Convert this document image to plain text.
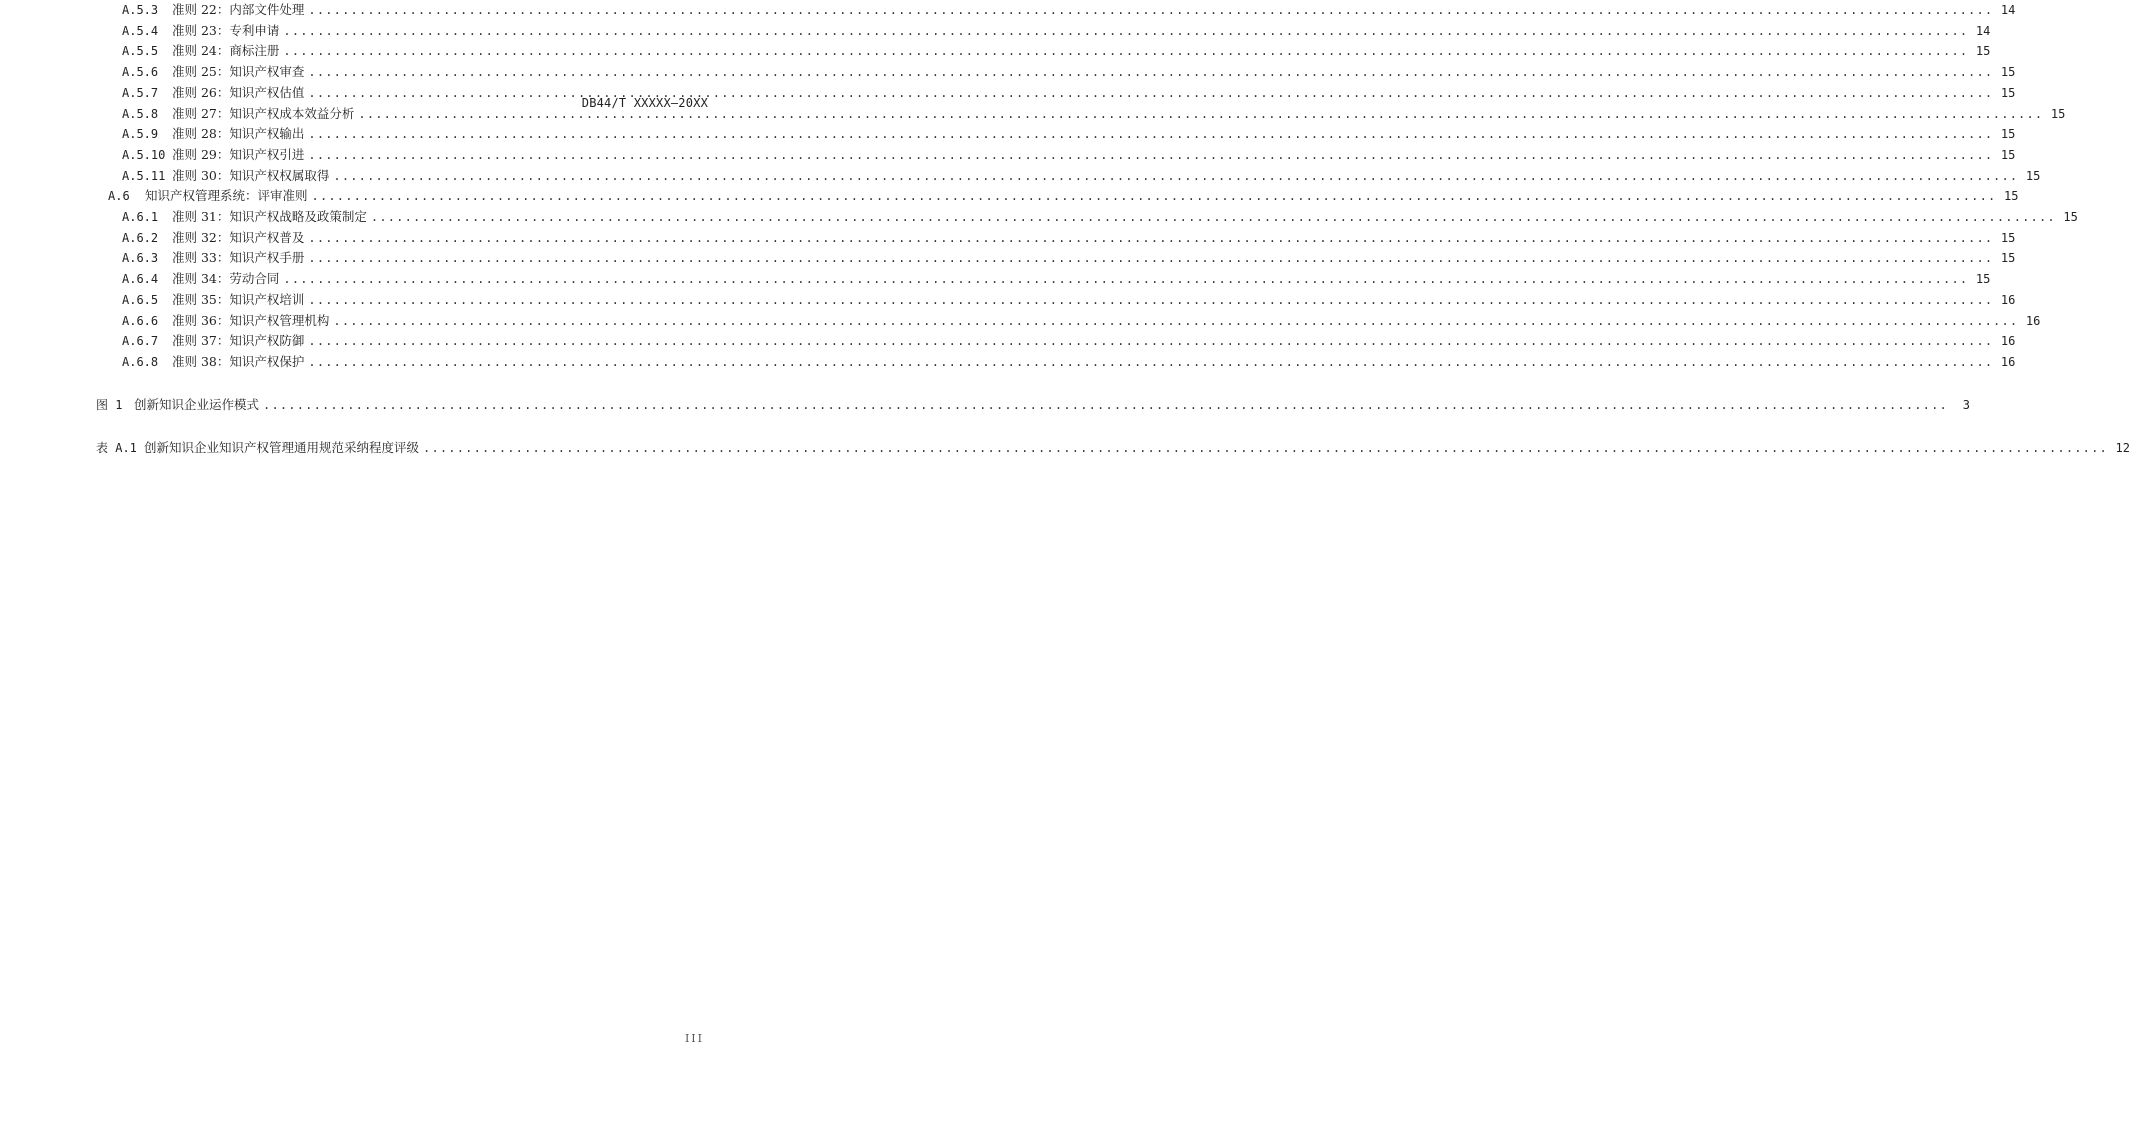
DB44/T XXXXX—20XX
A.5.3	准则 22：内部文件处理 ........................................................................................................................................................................................................ 14
A.5.4	准则 23：专利申请 ........................................................................................................................................................................................................ 14
A.5.5	准则 24：商标注册 ........................................................................................................................................................................................................ 15
A.5.6	准则 25：知识产权审查 ........................................................................................................................................................................................................ 15
A.5.7	准则 26：知识产权估值 ........................................................................................................................................................................................................ 15
A.5.8	准则 27：知识产权成本效益分析 ........................................................................................................................................................................................................ 15
A.5.9	准则 28：知识产权输出 ........................................................................................................................................................................................................ 15
A.5.10 准则 29：知识产权引进 ........................................................................................................................................................................................................ 15
A.5.11 准则 30：知识产权权属取得 ........................................................................................................................................................................................................ 15
A.6	知识产权管理系统：评审准则 ........................................................................................................................................................................................................ 15
A.6.1	准则 31：知识产权战略及政策制定 ........................................................................................................................................................................................................ 15
A.6.2	准则 32：知识产权普及 ........................................................................................................................................................................................................ 15
A.6.3	准则 33：知识产权手册 ........................................................................................................................................................................................................ 15
A.6.4	准则 34：劳动合同 ........................................................................................................................................................................................................ 15
A.6.5	准则 35：知识产权培训 ........................................................................................................................................................................................................ 16
A.6.6	准则 36：知识产权管理机构 ........................................................................................................................................................................................................ 16
A.6.7	准则 37：知识产权防御 ........................................................................................................................................................................................................ 16
A.6.8	准则 38：知识产权保护 ........................................................................................................................................................................................................ 16
图 1 创新知识企业运作模式 ........................................................................................................................................................................................................	3
表 A.1 创新知识企业知识产权管理通用规范采纳程度评级 ........................................................................................................................................................................................................ 12
III
